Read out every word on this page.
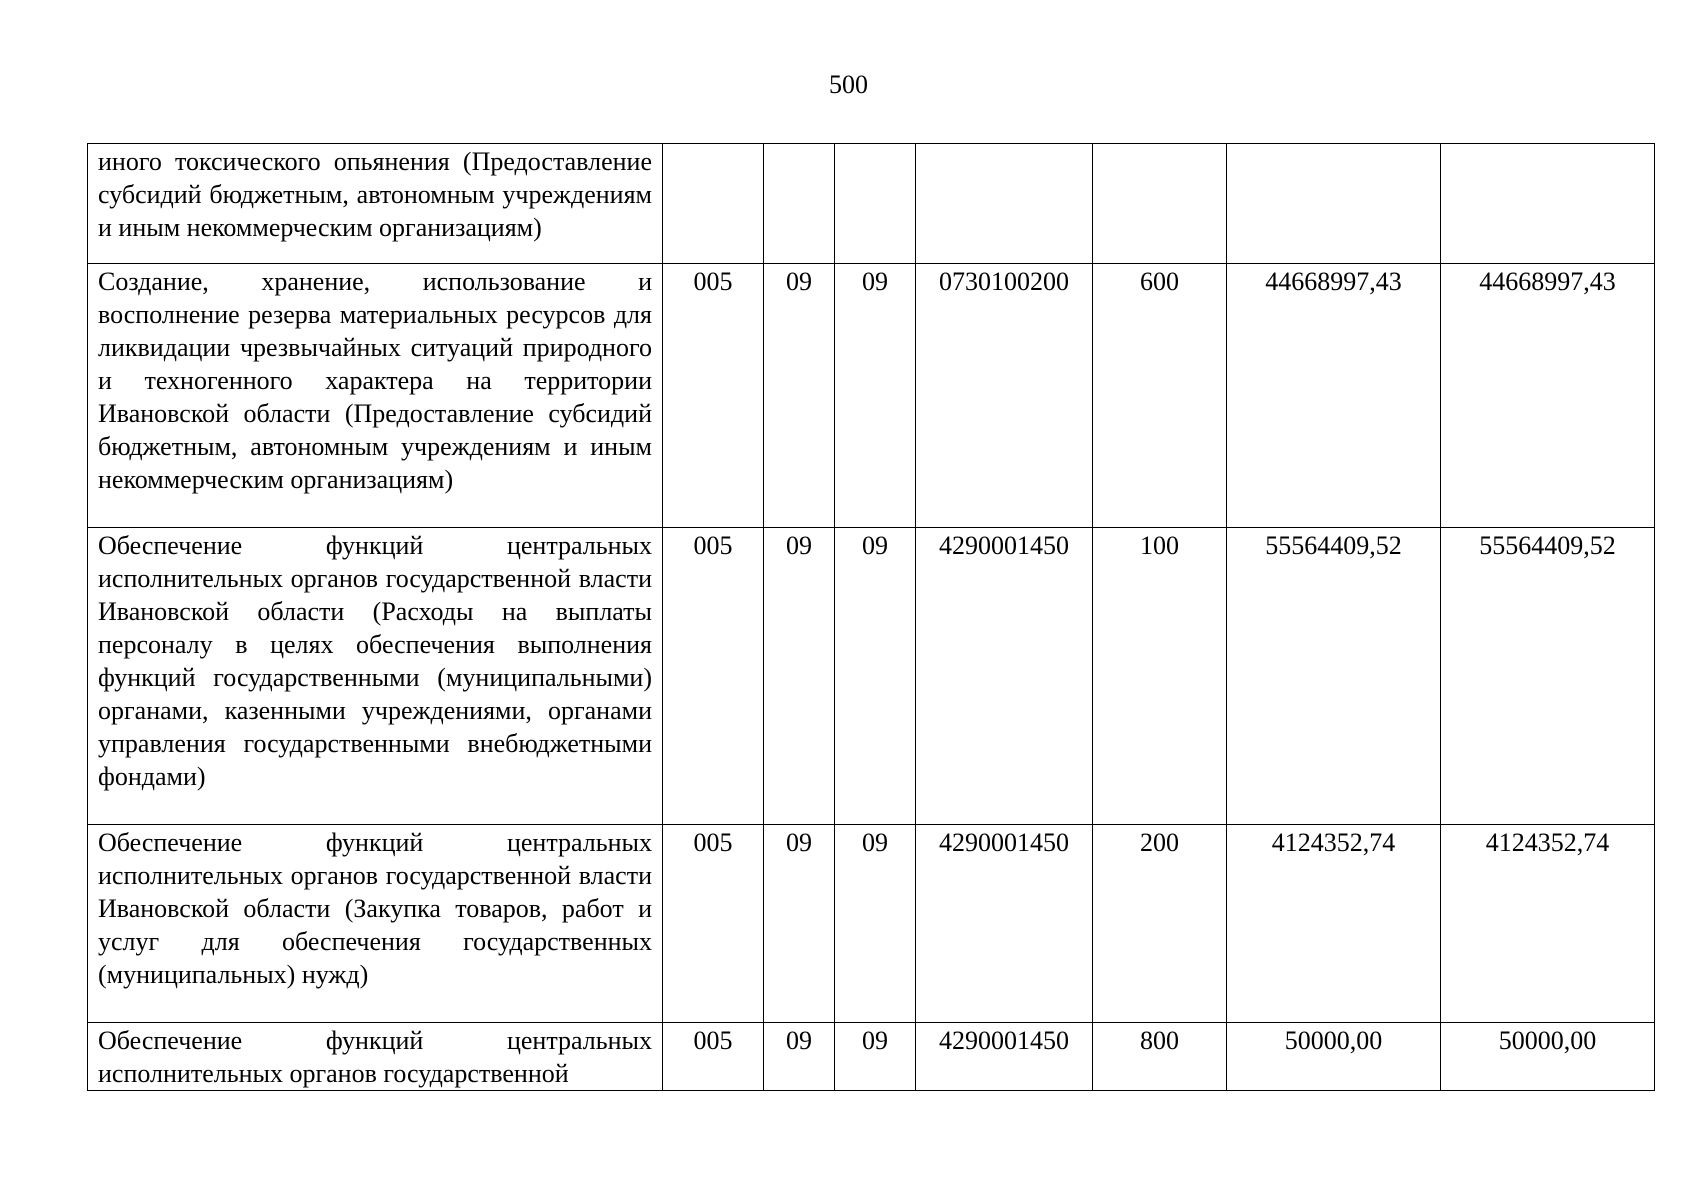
500
иного токсического опьянения (Предоставление субсидий бюджетным, автономным учреждениям и иным некоммерческим организациям)							
Создание, хранение, использование и восполнение резерва материальных ресурсов для ликвидации чрезвычайных ситуаций природного и техногенного характера на территории Ивановской области (Предоставление субсидий бюджетным, автономным учреждениям и иным некоммерческим организациям)	005	09	09	0730100200	600	44668997,43	44668997,43
Обеспечение функций центральных исполнительных органов государственной власти Ивановской области (Расходы на выплаты персоналу в целях обеспечения выполнения функций государственными (муниципальными) органами, казенными учреждениями, органами управления государственными внебюджетными фондами)	005	09	09	4290001450	100	55564409,52	55564409,52
Обеспечение функций центральных исполнительных органов государственной власти Ивановской области (Закупка товаров, работ и услуг для обеспечения государственных (муниципальных) нужд)	005	09	09	4290001450	200	4124352,74	4124352,74
Обеспечение функций центральных исполнительных органов государственной	005	09	09	4290001450	800	50000,00	50000,00
